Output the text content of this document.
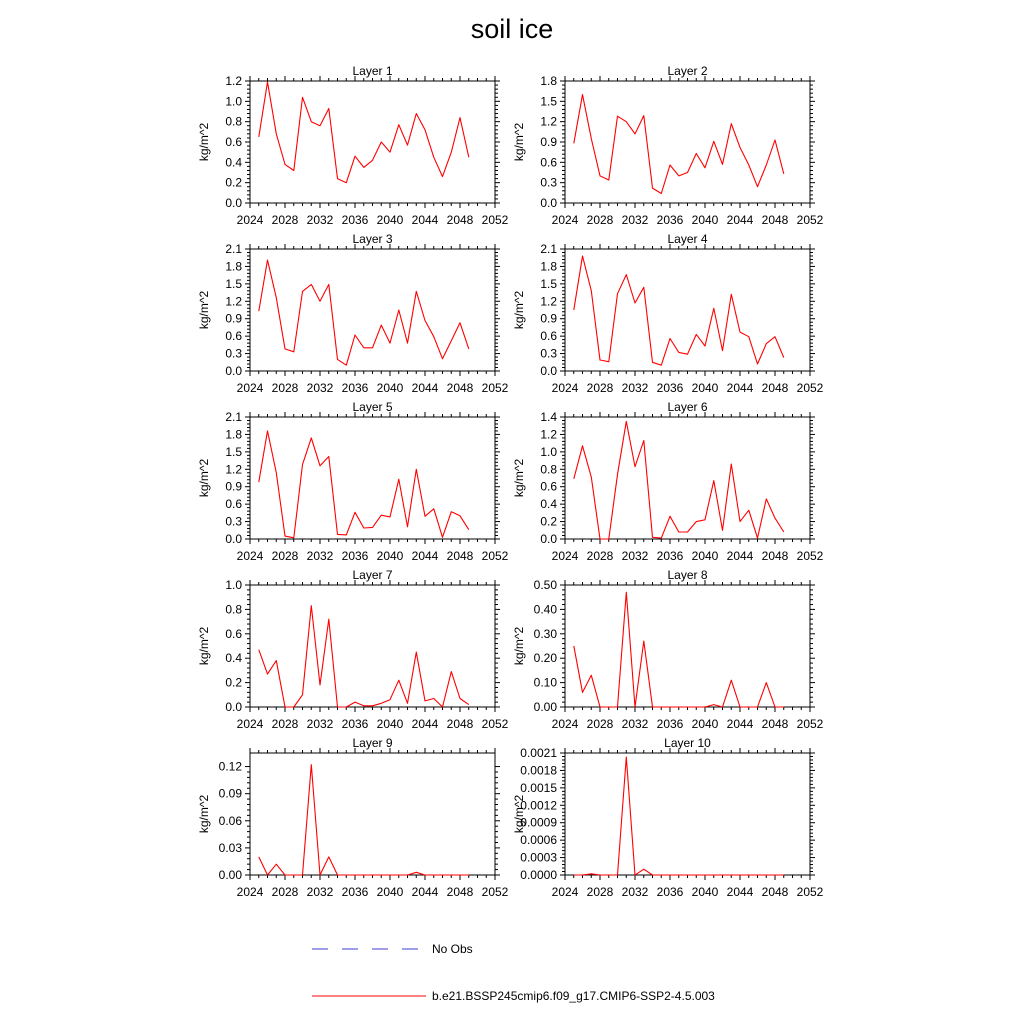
soil ice
Layer 1
0.0
0.2
0.4
0.6
0.8
1.0
1.2
2024 2028 2032 2036 2040 2044 2048 2052
kg/m^2
Layer 2
0.0
0.3
0.6
0.9
1.2
1.5
1.8
2024 2028 2032 2036 2040 2044 2048 2052
kg/m^2
Layer 3
0.0
0.3
0.6
0.9
1.2
1.5
1.8
2.1
2024 2028 2032 2036 2040 2044 2048 2052
kg/m^2
Layer 4
0.0
0.3
0.6
0.9
1.2
1.5
1.8
2.1
2024 2028 2032 2036 2040 2044 2048 2052
kg/m^2
Layer 5
0.0
0.3
0.6
0.9
1.2
1.5
1.8
2.1
2024 2028 2032 2036 2040 2044 2048 2052
kg/m^2
Layer 6
0.0
0.2
0.4
0.6
0.8
1.0
1.2
1.4
2024 2028 2032 2036 2040 2044 2048 2052
kg/m^2
Layer 7
0.0
0.2
0.4
0.6
0.8
1.0
2024 2028 2032 2036 2040 2044 2048 2052
kg/m^2
Layer 8
0.00
0.10
0.20
0.30
0.40
0.50
2024 2028 2032 2036 2040 2044 2048 2052
kg/m^2
Layer 9
0.00
0.03
0.06
0.09
0.12
2024 2028 2032 2036 2040 2044 2048 2052
kg/m^2
Layer 10
0.0000
0.0003
0.0006
0.0009
0.0012
0.0015
0.0018
0.0021
2024 2028 2032 2036 2040 2044 2048 2052
kg/m^2
No Obs
b.e21.BSSP245cmip6.f09_g17.CMIP6-SSP2-4.5.003
